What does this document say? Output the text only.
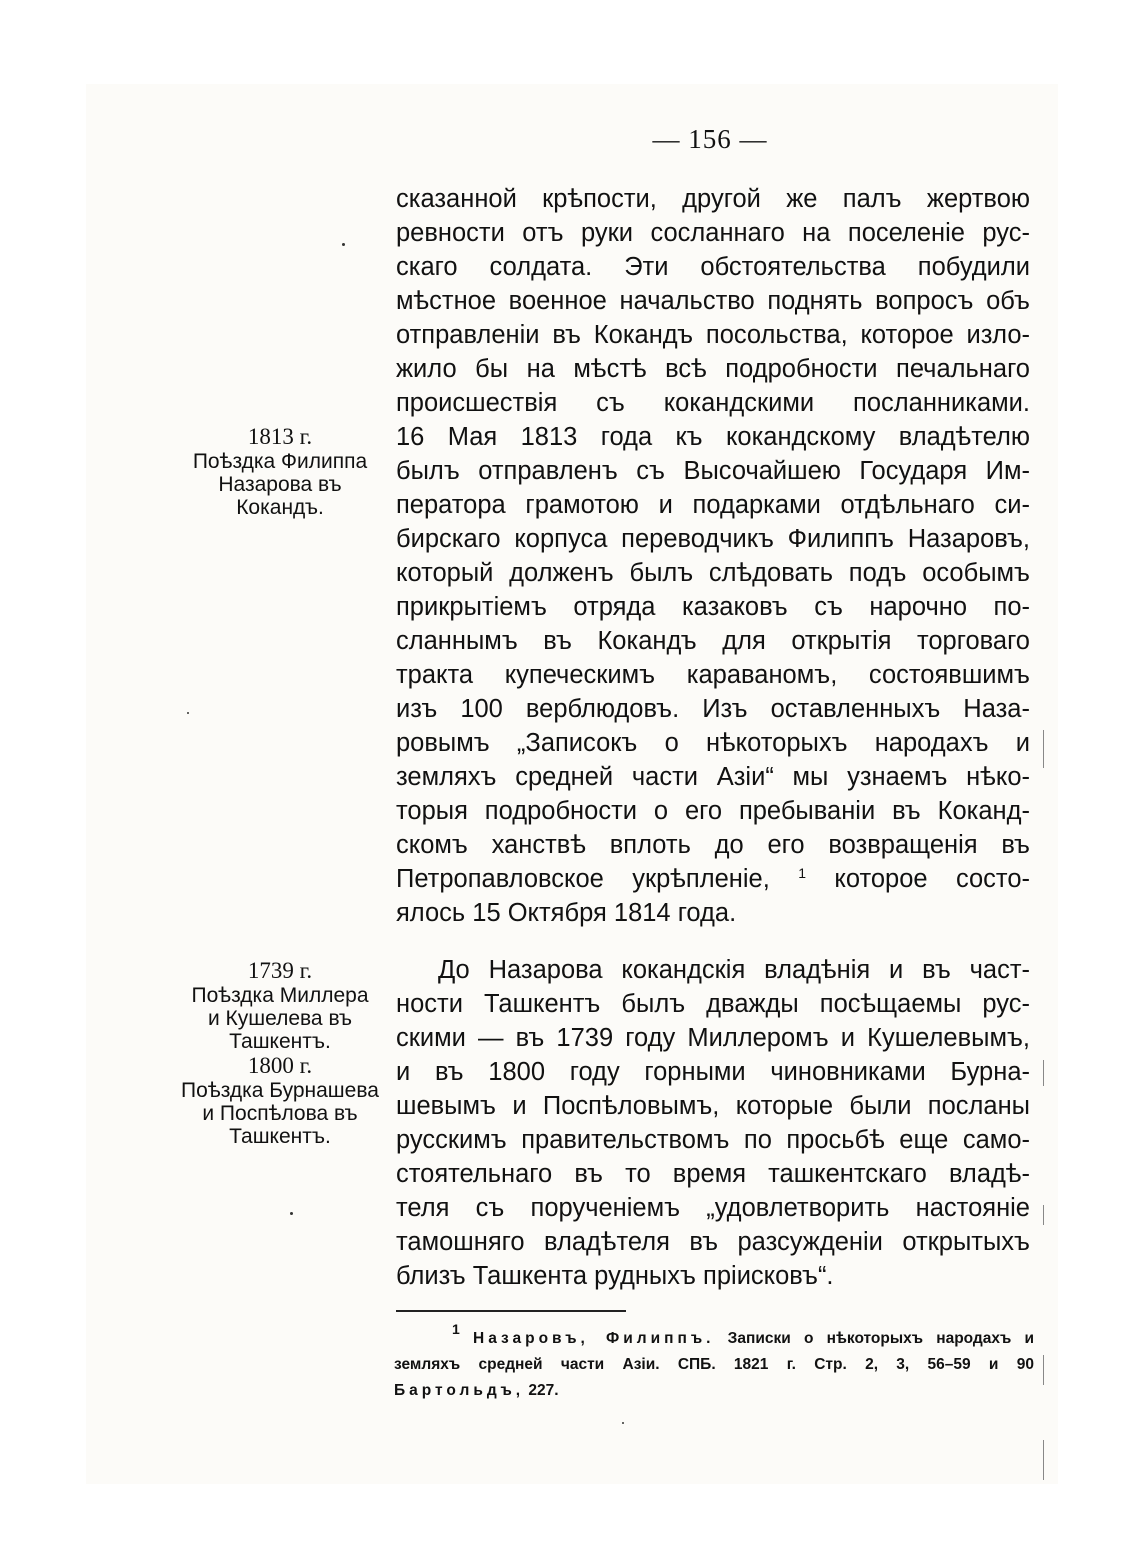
— 156 —
1813 г.
Поѣздка Филиппа
Назарова въ
Кокандъ.
1739 г.
Поѣздка Миллера
и Кушелева въ
Ташкентъ.
1800 г.
Поѣздка Бурнашева
и Поспѣлова въ
Ташкентъ.
сказанной крѣпости, другой же палъ жертвою
ревности отъ руки сосланнаго на поселеніе рус-
скаго солдата. Эти обстоятельства побудили
мѣстное военное начальство поднять вопросъ объ
отправленіи въ Кокандъ посольства, которое изло-
жило бы на мѣстѣ всѣ подробности печальнаго
происшествія съ кокандскими посланниками.
16 Мая 1813 года къ кокандскому владѣтелю
былъ отправленъ съ Высочайшею Государя Им-
ператора грамотою и подарками отдѣльнаго си-
бирскаго корпуса переводчикъ Филиппъ Назаровъ,
который долженъ былъ слѣдовать подъ особымъ
прикрытіемъ отряда казаковъ съ нарочно по-
сланнымъ въ Кокандъ для открытія торговаго
тракта купеческимъ караваномъ, состоявшимъ
изъ 100 верблюдовъ. Изъ оставленныхъ Наза-
ровымъ „Записокъ о нѣкоторыхъ народахъ и
земляхъ средней части Азіи“ мы узнаемъ нѣко-
торыя подробности о его пребываніи въ Коканд-
скомъ ханствѣ вплоть до его возвращенія въ
Петропавловское укрѣпленіе, $^1$ которое состо-
ялось 15 Октября 1814 года.
До Назарова кокандскія владѣнія и въ част-
ности Ташкентъ былъ дважды посѣщаемы рус-
скими — въ 1739 году Миллеромъ и Кушелевымъ,
и въ 1800 году горными чиновниками Бурна-
шевымъ и Поспѣловымъ, которые были посланы
русскимъ правительствомъ по просьбѣ еще само-
стоятельнаго въ то время ташкентскаго владѣ-
теля съ порученіемъ „удовлетворить настояніе
тамошняго владѣтеля въ разсужденіи открытыхъ
близъ Ташкента рудныхъ пріисковъ“.
$^1$ Назаровъ, Филиппъ. Записки о нѣкоторыхъ народахъ и
земляхъ средней части Азіи. СПБ. 1821 г. Стр. 2, 3, 56–59 и 90
Бартольдъ, 227.
